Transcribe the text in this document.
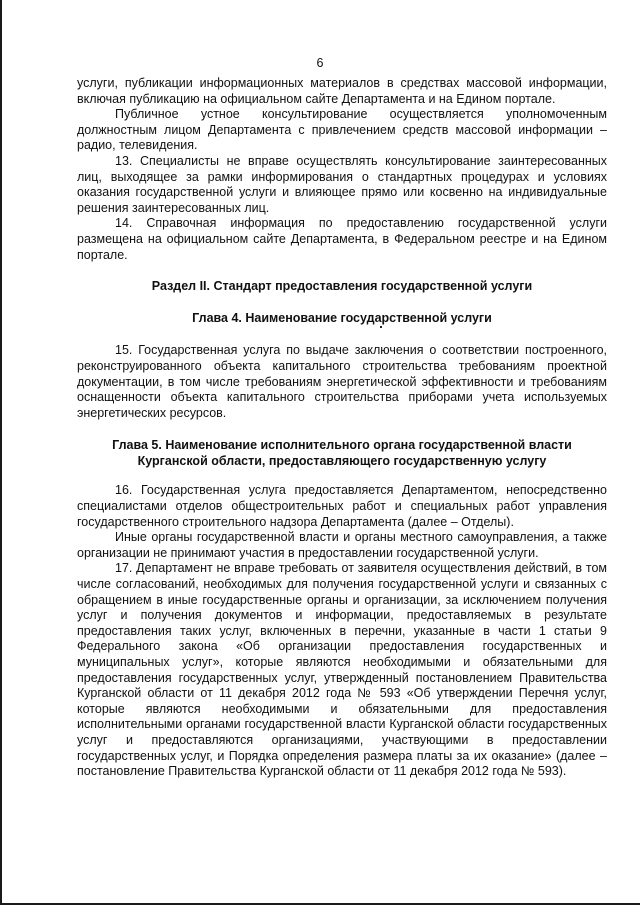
6

услуги, публикации информационных материалов в средствах массовой информации, включая публикацию на официальном сайте Департамента и на Едином портале.

Публичное устное консультирование осуществляется уполномоченным должностным лицом Департамента с привлечением средств массовой информации – радио, телевидения.

13. Специалисты не вправе осуществлять консультирование заинтересованных лиц, выходящее за рамки информирования о стандартных процедурах и условиях оказания государственной услуги и влияющее прямо или косвенно на индивидуальные решения заинтересованных лиц.

14. Справочная информация по предоставлению государственной услуги размещена на официальном сайте Департамента, в Федеральном реестре и на Едином портале.

Раздел II. Стандарт предоставления государственной услуги
Глава 4. Наименование государственной услуги

15. Государственная услуга по выдаче заключения о соответствии построенного, реконструированного объекта капитального строительства требованиям проектной документации, в том числе требованиям энергетической эффективности и требованиям оснащенности объекта капитального строительства приборами учета используемых энергетических ресурсов.

Глава 5. Наименование исполнительного органа государственной власти
Курганской области, предоставляющего государственную услугу

16. Государственная услуга предоставляется Департаментом, непосредственно специалистами отделов общестроительных работ и специальных работ управления государственного строительного надзора Департамента (далее – Отделы).

Иные органы государственной власти и органы местного самоуправления, а также организации не принимают участия в предоставлении государственной услуги.

17. Департамент не вправе требовать от заявителя осуществления действий, в том числе согласований, необходимых для получения государственной услуги и связанных с обращением в иные государственные органы и организации, за исключением получения услуг и получения документов и информации, предоставляемых в результате предоставления таких услуг, включенных в перечни, указанные в части 1 статьи 9 Федерального закона «Об организации предоставления государственных и муниципальных услуг», которые являются необходимыми и обязательными для предоставления государственных услуг, утвержденный постановлением Правительства Курганской области от 11 декабря 2012 года № 593 «Об утверждении Перечня услуг, которые являются необходимыми и обязательными для предоставления исполнительными органами государственной власти Курганской области государственных услуг и предоставляются организациями, участвующими в предоставлении государственных услуг, и Порядка определения размера платы за их оказание» (далее – постановление Правительства Курганской области от 11 декабря 2012 года № 593).
